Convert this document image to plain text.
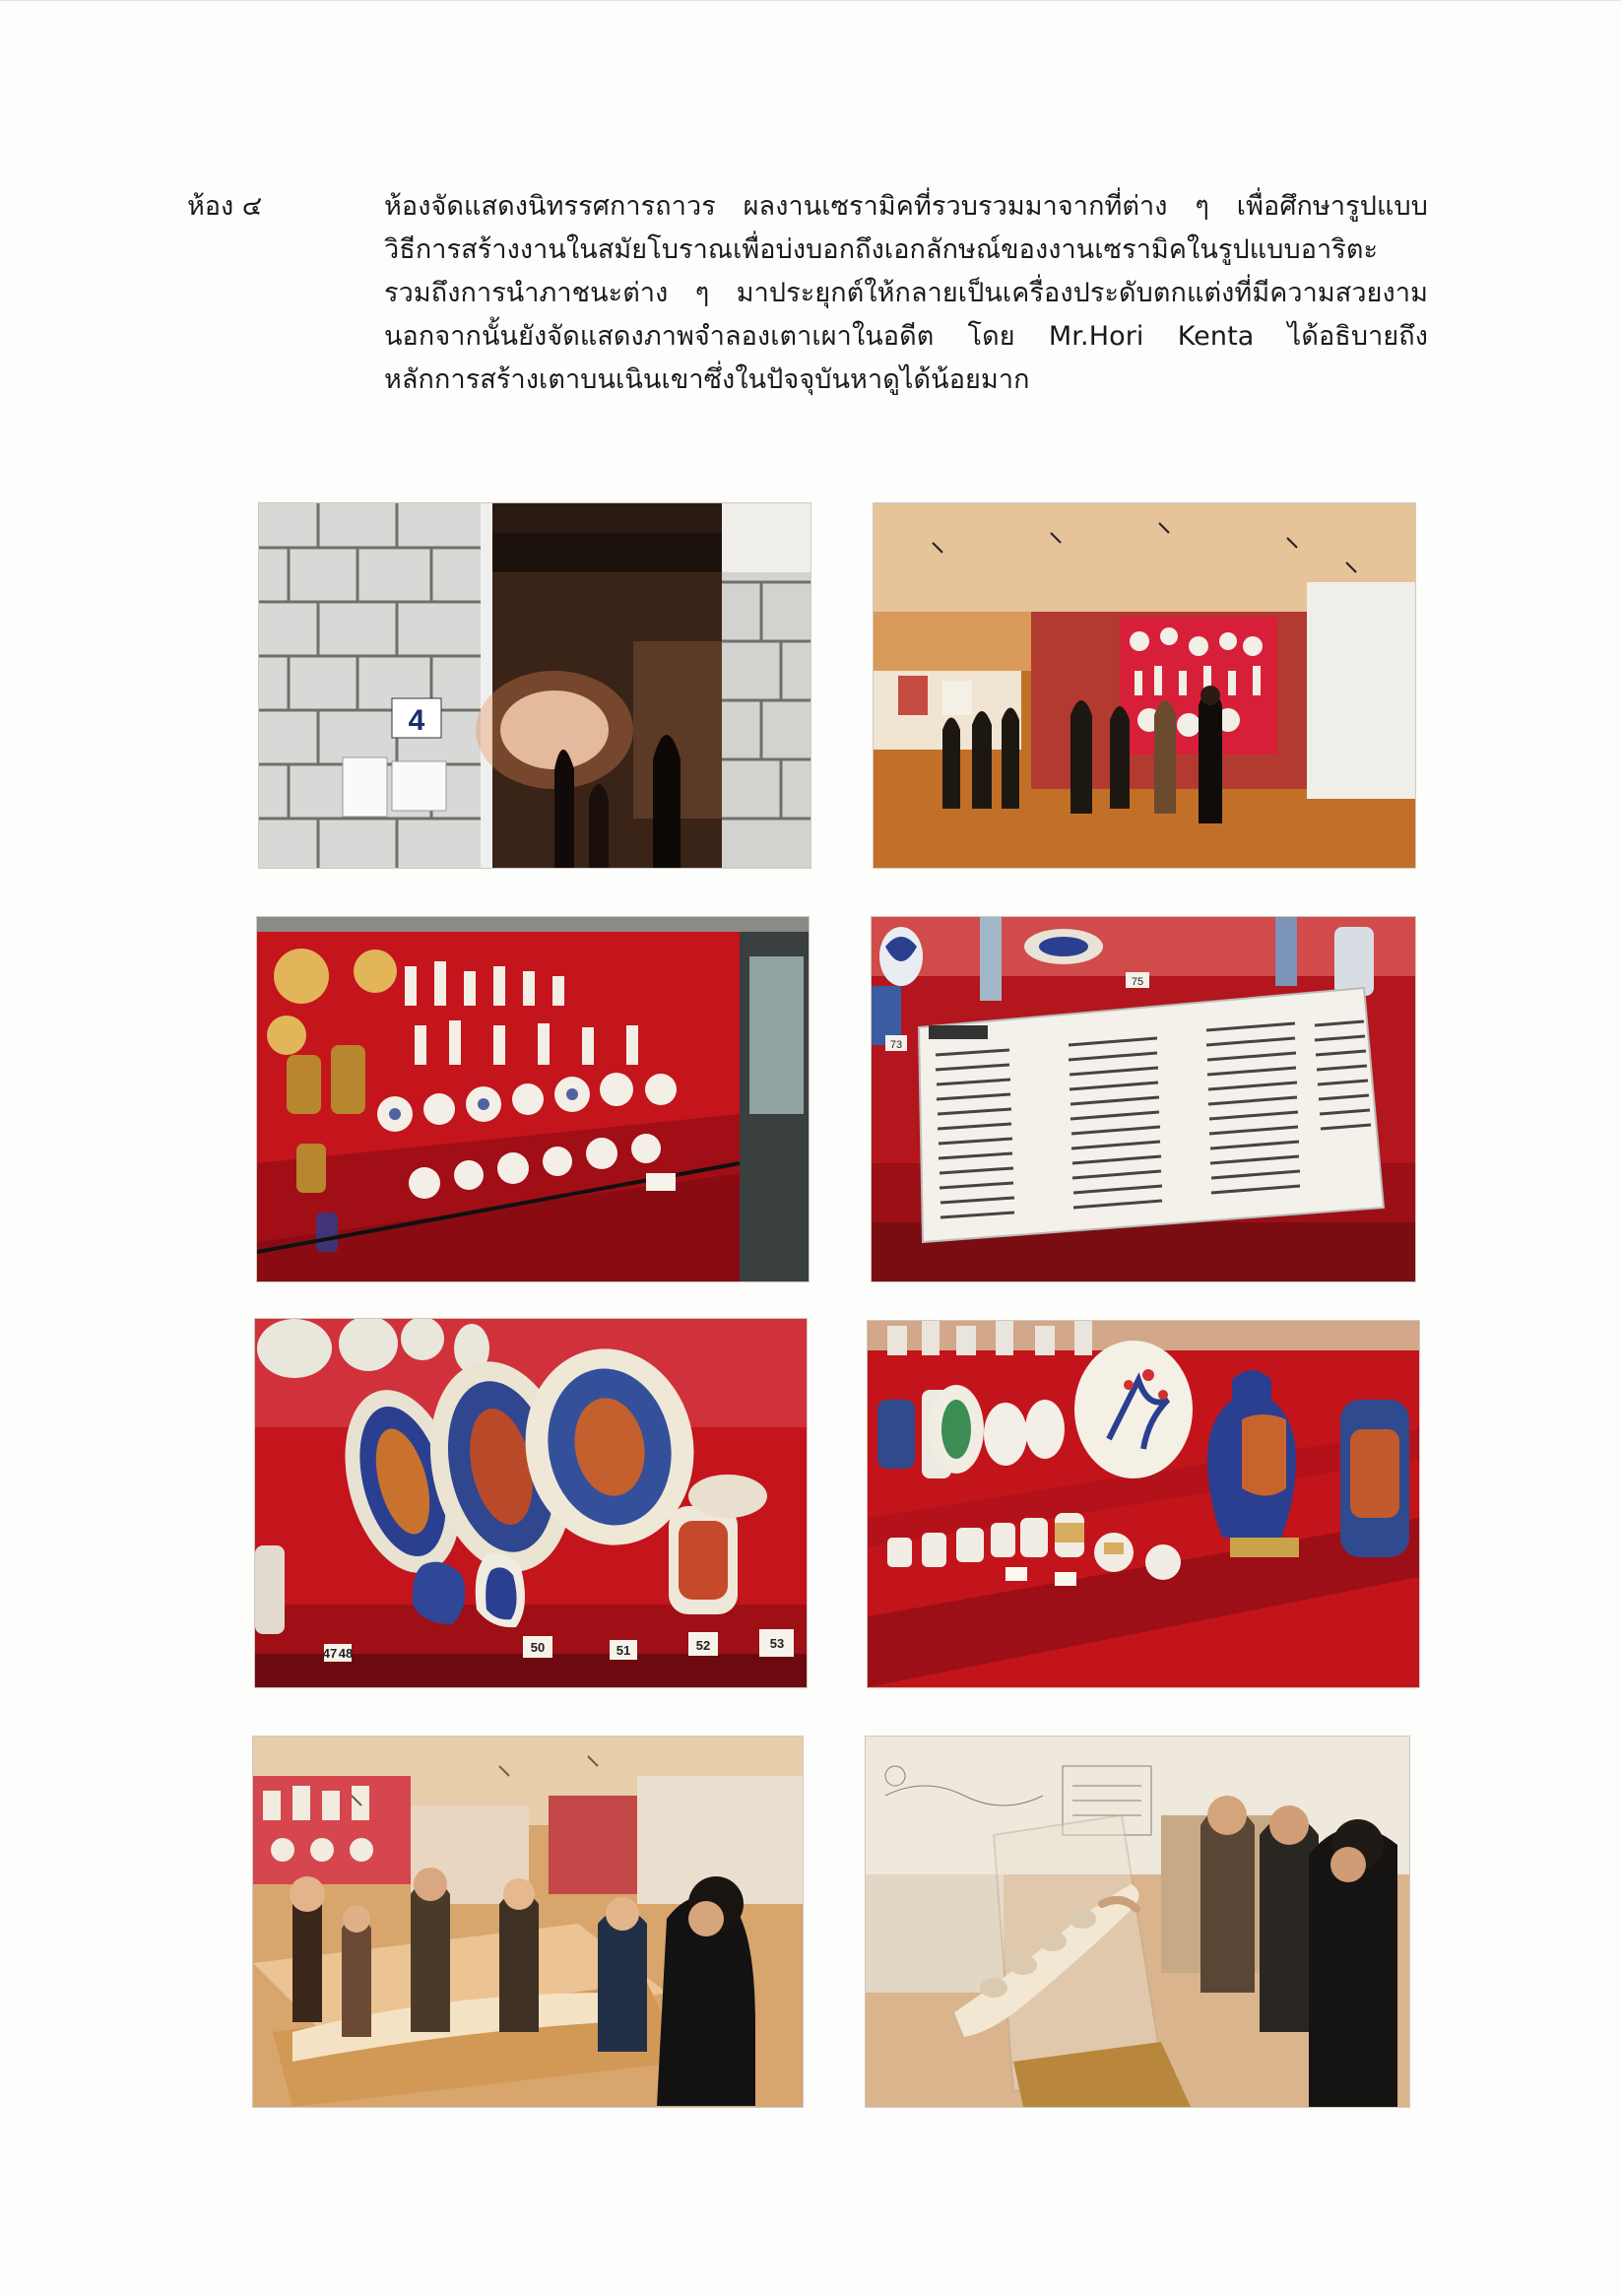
ห้อง ๔	ห้องจัดแสดงนิทรรศการถาวร ผลงานเซรามิคที่รวบรวมมาจากที่ต่าง ๆ เพื่อศึกษารูปแบบ
วิธีการสร้างงานในสมัยโบราณเพื่อบ่งบอกถึงเอกลักษณ์ของงานเซรามิคในรูปแบบอาริตะ
รวมถึงการนำภาชนะต่าง ๆ มาประยุกต์ให้กลายเป็นเครื่องประดับตกแต่งที่มีความสวยงาม
นอกจากนั้นยังจัดแสดงภาพจำลองเตาเผาในอดีต โดย Mr.Hori Kenta ได้อธิบายถึง
หลักการสร้างเตาบนเนินเขาซึ่งในปัจจุบันหาดูได้น้อยมาก
4
73
75
47 48	50	51	52	53
